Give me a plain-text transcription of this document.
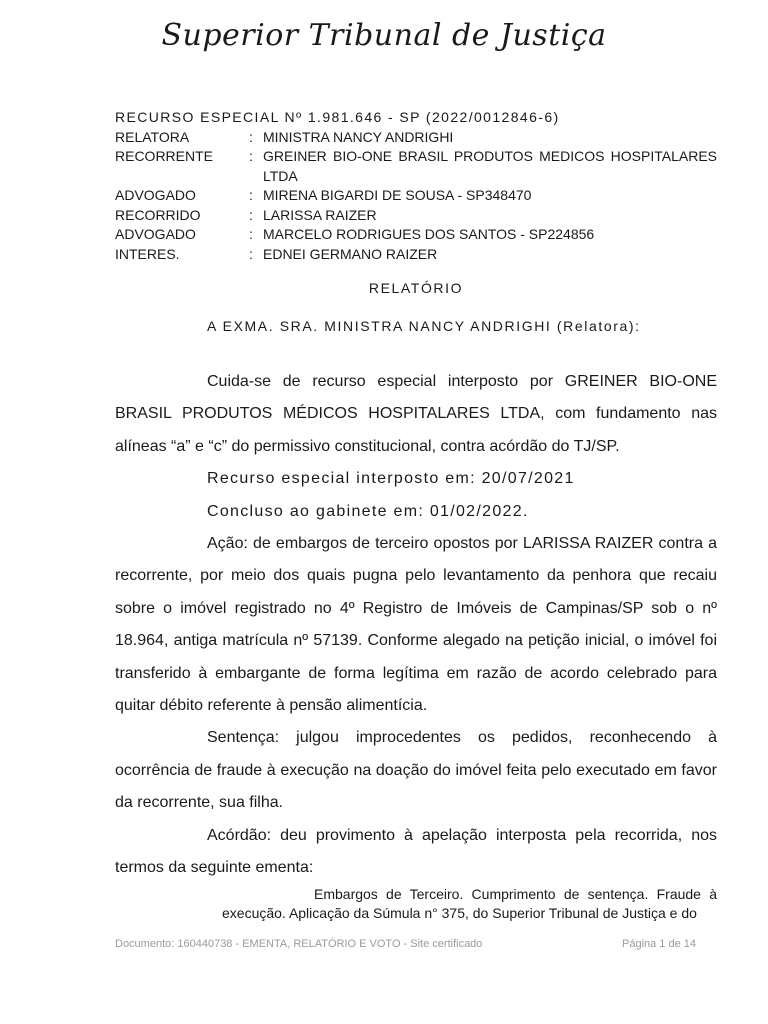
Superior Tribunal de Justiça
RECURSO ESPECIAL Nº 1.981.646 - SP (2022/0012846-6)
RELATORA	: MINISTRA NANCY ANDRIGHI
RECORRENTE	: GREINER BIO-ONE BRASIL PRODUTOS MEDICOS HOSPITALARES LTDA
ADVOGADO	: MIRENA BIGARDI DE SOUSA - SP348470
RECORRIDO	: LARISSA RAIZER
ADVOGADO	: MARCELO RODRIGUES DOS SANTOS - SP224856
INTERES.	: EDNEI GERMANO RAIZER
RELATÓRIO
A EXMA. SRA. MINISTRA NANCY ANDRIGHI (Relatora):

Cuida-se de recurso especial interposto por GREINER BIO-ONE BRASIL PRODUTOS MÉDICOS HOSPITALARES LTDA, com fundamento nas alíneas “a” e “c” do permissivo constitucional, contra acórdão do TJ/SP.

Recurso especial interposto em: 20/07/2021

Concluso ao gabinete em: 01/02/2022.

Ação: de embargos de terceiro opostos por LARISSA RAIZER contra a recorrente, por meio dos quais pugna pelo levantamento da penhora que recaiu sobre o imóvel registrado no 4º Registro de Imóveis de Campinas/SP sob o nº 18.964, antiga matrícula nº 57139. Conforme alegado na petição inicial, o imóvel foi transferido à embargante de forma legítima em razão de acordo celebrado para quitar débito referente à pensão alimentícia.

Sentença: julgou improcedentes os pedidos, reconhecendo à ocorrência de fraude à execução na doação do imóvel feita pelo executado em favor da recorrente, sua filha.

Acórdão: deu provimento à apelação interposta pela recorrida, nos termos da seguinte ementa:

Embargos de Terceiro. Cumprimento de sentença. Fraude à execução. Aplicação da Súmula n° 375, do Superior Tribunal de Justiça e do

Documento: 160440738 - EMENTA, RELATÓRIO E VOTO - Site certificado	Página 1 de 14
